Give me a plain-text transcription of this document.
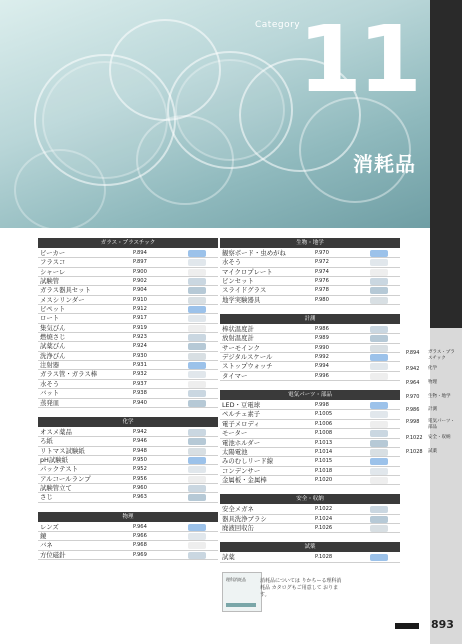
Category
11
消耗品
ガラス・プラスチック
ビーカー	P.894
フラスコ	P.897
シャーレ	P.900
試験管	P.902
ガラス器具セット	P.904
メスシリンダー	P.910
ピペット	P.912
ロート	P.917
集気びん	P.919
燃焼さじ	P.923
試薬びん	P.924
洗浄びん	P.930
注射器	P.931
ガラス管・ガラス棒	P.932
水そう	P.937
バット	P.938
蒸発皿	P.940
化学
オスメ薬品	P.942
ろ紙	P.946
リトマス試験紙	P.948
pH試験紙	P.950
パックテスト	P.952
アルコールランプ	P.956
試験管立て	P.960
さじ	P.963
物理
レンズ	P.964
鏡	P.966
バネ	P.968
方位磁針	P.969
生物・地学
観察ボード・虫めがね	P.970
水そう	P.972
マイクロプレート	P.974
ピンセット	P.976
スライドグラス	P.978
地学実験器具	P.980
計測
棒状温度計	P.986
放射温度計	P.989
サーモインク	P.990
デジタルスケール	P.992
ストップウォッチ	P.994
タイマー	P.996
電気パーツ・部品
LED・豆電球	P.998
ペルチェ素子	P.1005
電子メロディ	P.1006
モーター	P.1008
電池ホルダー	P.1013
太陽電池	P.1014
みのむしリード線	P.1015
コンデンサー	P.1018
金属板・金属棒	P.1020
安全・収納
安全メガネ	P.1022
器具洗浄ブラシ	P.1024
廃液回収缶	P.1026
試薬
試薬	P.1028
P.894 ガラス・プラスチック
P.942 化学
P.964 物理
P.970 生物・地学
P.986 計測
P.998 電気パーツ・部品
P.1022 安全・収納
P.1028 試薬
理科消耗品	消耗品については りかちーる理科消耗品 カタログもご用意して おります。
893
